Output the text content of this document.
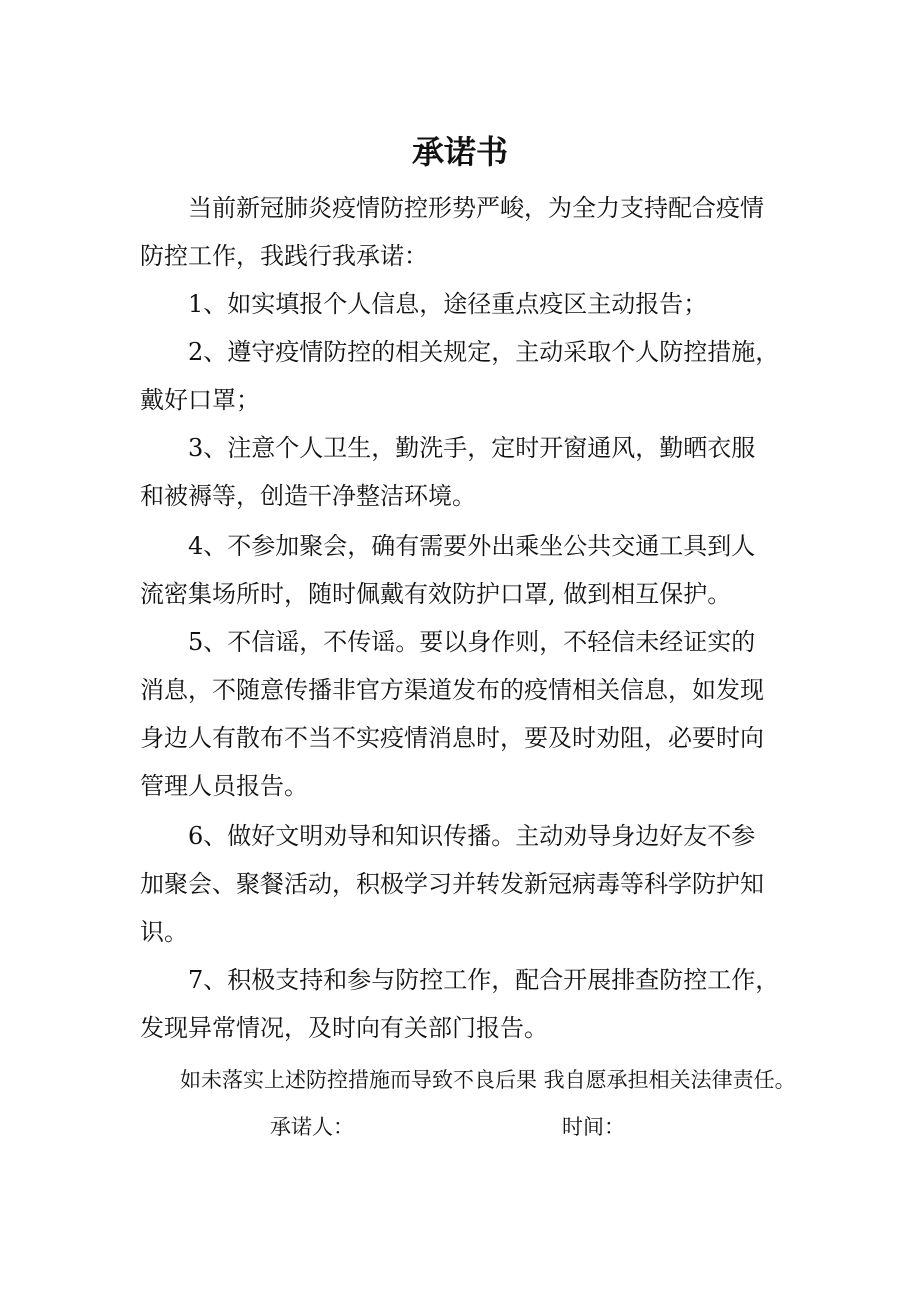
承诺书
当前新冠肺炎疫情防控形势严峻，为全力支持配合疫情
防控工作，我践行我承诺：
1、如实填报个人信息，途径重点疫区主动报告；
2、遵守疫情防控的相关规定，主动采取个人防控措施，
戴好口罩；
3、注意个人卫生，勤洗手，定时开窗通风，勤晒衣服
和被褥等，创造干净整洁环境。
4、不参加聚会，确有需要外出乘坐公共交通工具到人
流密集场所时，随时佩戴有效防护口罩, 做到相互保护。
5、不信谣，不传谣。要以身作则，不轻信未经证实的
消息，不随意传播非官方渠道发布的疫情相关信息，如发现
身边人有散布不当不实疫情消息时，要及时劝阻，必要时向
管理人员报告。
6、做好文明劝导和知识传播。主动劝导身边好友不参
加聚会、聚餐活动，积极学习并转发新冠病毒等科学防护知
识。
7、积极支持和参与防控工作，配合开展排查防控工作，
发现异常情况，及时向有关部门报告。
如未落实上述防控措施而导致不良后果 我自愿承担相关法律责任。
承诺人：	时间：
